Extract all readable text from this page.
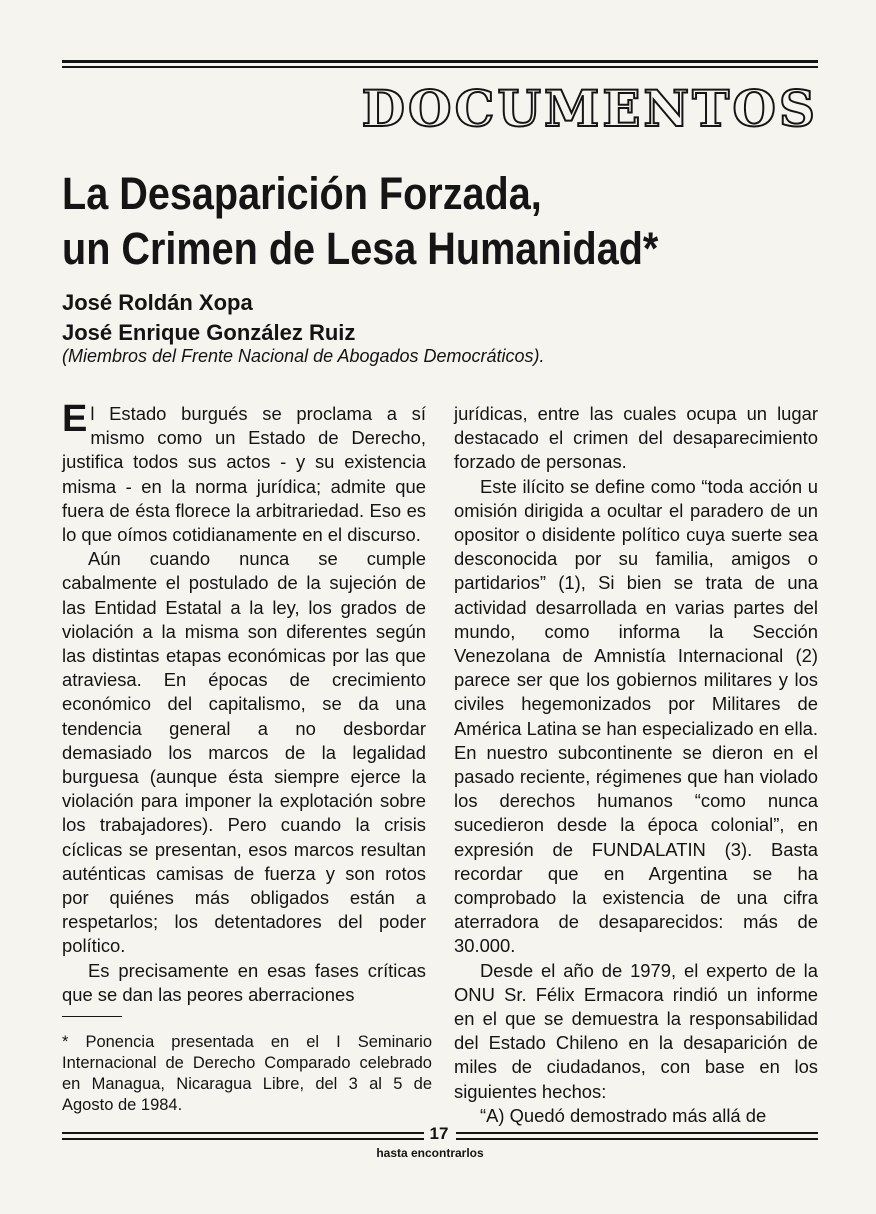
DOCUMENTOS
La Desaparición Forzada,
un Crimen de Lesa Humanidad*
José Roldán Xopa
José Enrique González Ruiz
(Miembros del Frente Nacional de Abogados Democráticos).

El Estado burgués se proclama a sí mismo como un Estado de Derecho, justifica todos sus actos - y su existencia misma - en la norma jurídica; admite que fuera de ésta florece la arbitrariedad. Eso es lo que oímos cotidianamente en el discurso.

Aún cuando nunca se cumple cabalmente el postulado de la sujeción de las Entidad Estatal a la ley, los grados de violación a la misma son diferentes según las distintas etapas económicas por las que atraviesa. En épocas de crecimiento económico del capitalismo, se da una tendencia general a no desbordar demasiado los marcos de la legalidad burguesa (aunque ésta siempre ejerce la violación para imponer la explotación sobre los trabajadores). Pero cuando la crisis cíclicas se presentan, esos marcos resultan auténticas camisas de fuerza y son rotos por quiénes más obligados están a respetarlos; los detentadores del poder político.

Es precisamente en esas fases críticas que se dan las peores aberraciones

jurídicas, entre las cuales ocupa un lugar destacado el crimen del desaparecimiento forzado de personas.

Este ilícito se define como “toda acción u omisión dirigida a ocultar el paradero de un opositor o disidente político cuya suerte sea desconocida por su familia, amigos o partidarios” (1), Si bien se trata de una actividad desarrollada en varias partes del mundo, como informa la Sección Venezolana de Amnistía Internacional (2) parece ser que los gobiernos militares y los civiles hegemonizados por Militares de América Latina se han especializado en ella. En nuestro subcontinente se dieron en el pasado reciente, régimenes que han violado los derechos humanos “como nunca sucedieron desde la época colonial”, en expresión de FUNDALATIN (3). Basta recordar que en Argentina se ha comprobado la existencia de una cifra aterradora de desaparecidos: más de 30.000.

Desde el año de 1979, el experto de la ONU Sr. Félix Ermacora rindió un informe en el que se demuestra la responsabilidad del Estado Chileno en la desaparición de miles de ciudadanos, con base en los siguientes hechos:

“A) Quedó demostrado más allá de

* Ponencia presentada en el I Seminario Internacional de Derecho Comparado celebrado en Managua, Nicaragua Libre, del 3 al 5 de Agosto de 1984.
17
hasta encontrarlos
